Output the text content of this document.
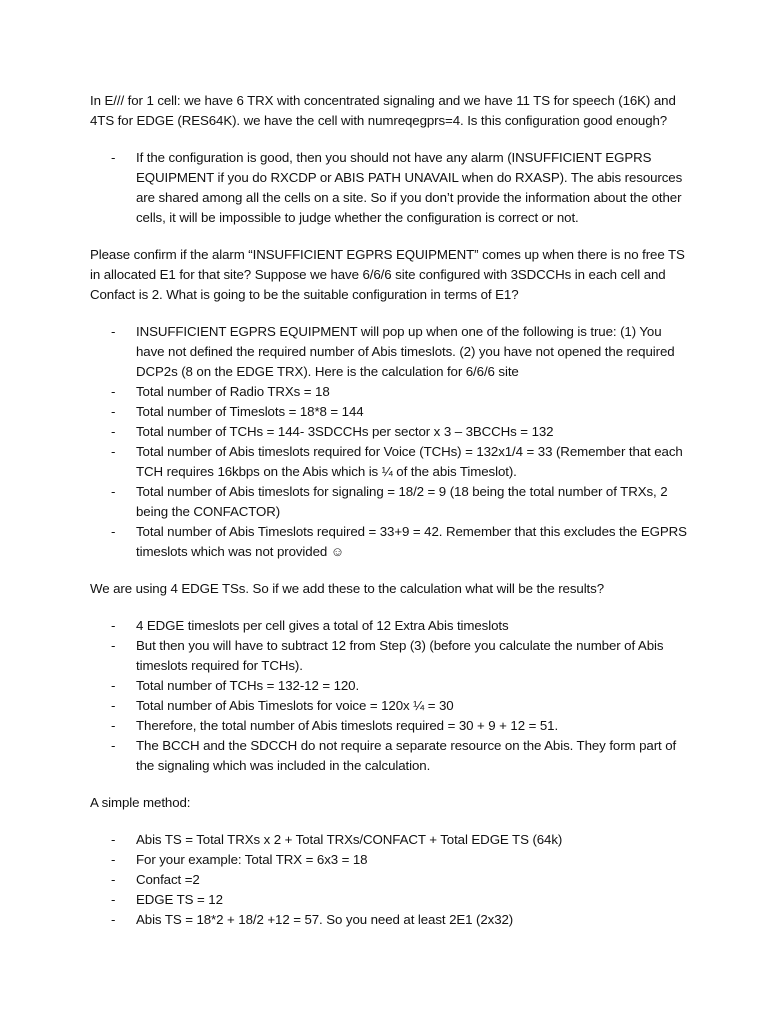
In E/// for 1 cell: we have 6 TRX with concentrated signaling and we have 11 TS for speech (16K) and 4TS for EDGE (RES64K). we have the cell with numreqegprs=4. Is this configuration good enough?

- If the configuration is good, then you should not have any alarm (INSUFFICIENT EGPRS EQUIPMENT if you do RXCDP or ABIS PATH UNAVAIL when do RXASP). The abis resources are shared among all the cells on a site. So if you don’t provide the information about the other cells, it will be impossible to judge whether the configuration is correct or not.

Please confirm if the alarm “INSUFFICIENT EGPRS EQUIPMENT” comes up when there is no free TS in allocated E1 for that site? Suppose we have 6/6/6 site configured with 3SDCCHs in each cell and Confact is 2. What is going to be the suitable configuration in terms of E1?

- INSUFFICIENT EGPRS EQUIPMENT will pop up when one of the following is true: (1) You have not defined the required number of Abis timeslots. (2) you have not opened the required DCP2s (8 on the EDGE TRX). Here is the calculation for 6/6/6 site
- Total number of Radio TRXs = 18
- Total number of Timeslots = 18*8 = 144
- Total number of TCHs = 144- 3SDCCHs per sector x 3 – 3BCCHs = 132
- Total number of Abis timeslots required for Voice (TCHs) = 132x1/4 = 33 (Remember that each TCH requires 16kbps on the Abis which is ¼ of the abis Timeslot).
- Total number of Abis timeslots for signaling = 18/2 = 9 (18 being the total number of TRXs, 2 being the CONFACTOR)
- Total number of Abis Timeslots required = 33+9 = 42. Remember that this excludes the EGPRS timeslots which was not provided ☺

We are using 4 EDGE TSs. So if we add these to the calculation what will be the results?

- 4 EDGE timeslots per cell gives a total of 12 Extra Abis timeslots
- But then you will have to subtract 12 from Step (3) (before you calculate the number of Abis timeslots required for TCHs).
- Total number of TCHs = 132-12 = 120.
- Total number of Abis Timeslots for voice = 120x ¼ = 30
- Therefore, the total number of Abis timeslots required = 30 + 9 + 12 = 51.
- The BCCH and the SDCCH do not require a separate resource on the Abis. They form part of the signaling which was included in the calculation.

A simple method:

- Abis TS = Total TRXs x 2 + Total TRXs/CONFACT + Total EDGE TS (64k)
- For your example: Total TRX = 6x3 = 18
- Confact =2
- EDGE TS = 12
- Abis TS = 18*2 + 18/2 +12 = 57. So you need at least 2E1 (2x32)
